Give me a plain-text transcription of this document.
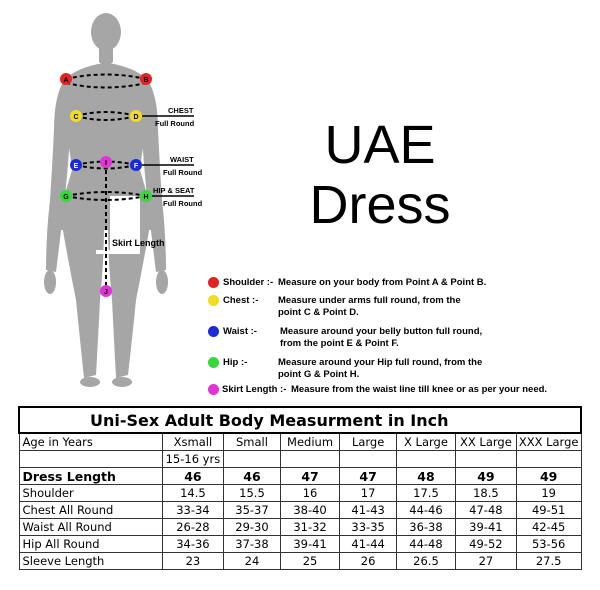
A	B
C	D
E	I	F
G	H
J
CHEST
Full Round
WAIST
Full Round
HIP & SEAT
Full Round
Skirt Length
UAE
Dress
Shoulder :- Measure on your body from Point A & Point B.
Chest :- Measure under arms full round, from the
point C & Point D.
Waist :- Measure around your belly button full round,
from the point E & Point F.
Hip :-	Measure around your Hip full round, from the
point G & Point H.
Skirt Length :- Measure from the waist line till knee or as per your need.
Uni-Sex Adult Body Measurment in Inch							
Age in Years	Xsmall	Small	Medium	Large	X Large	XX Large	XXX Large
	15-16 yrs						
Dress Length	46	46	47	47	48	49	49
Shoulder	14.5	15.5	16	17	17.5	18.5	19
Chest All Round	33-34	35-37	38-40	41-43	44-46	47-48	49-51
Waist All Round	26-28	29-30	31-32	33-35	36-38	39-41	42-45
Hip All Round	34-36	37-38	39-41	41-44	44-48	49-52	53-56
Sleeve Length	23	24	25	26	26.5	27	27.5
